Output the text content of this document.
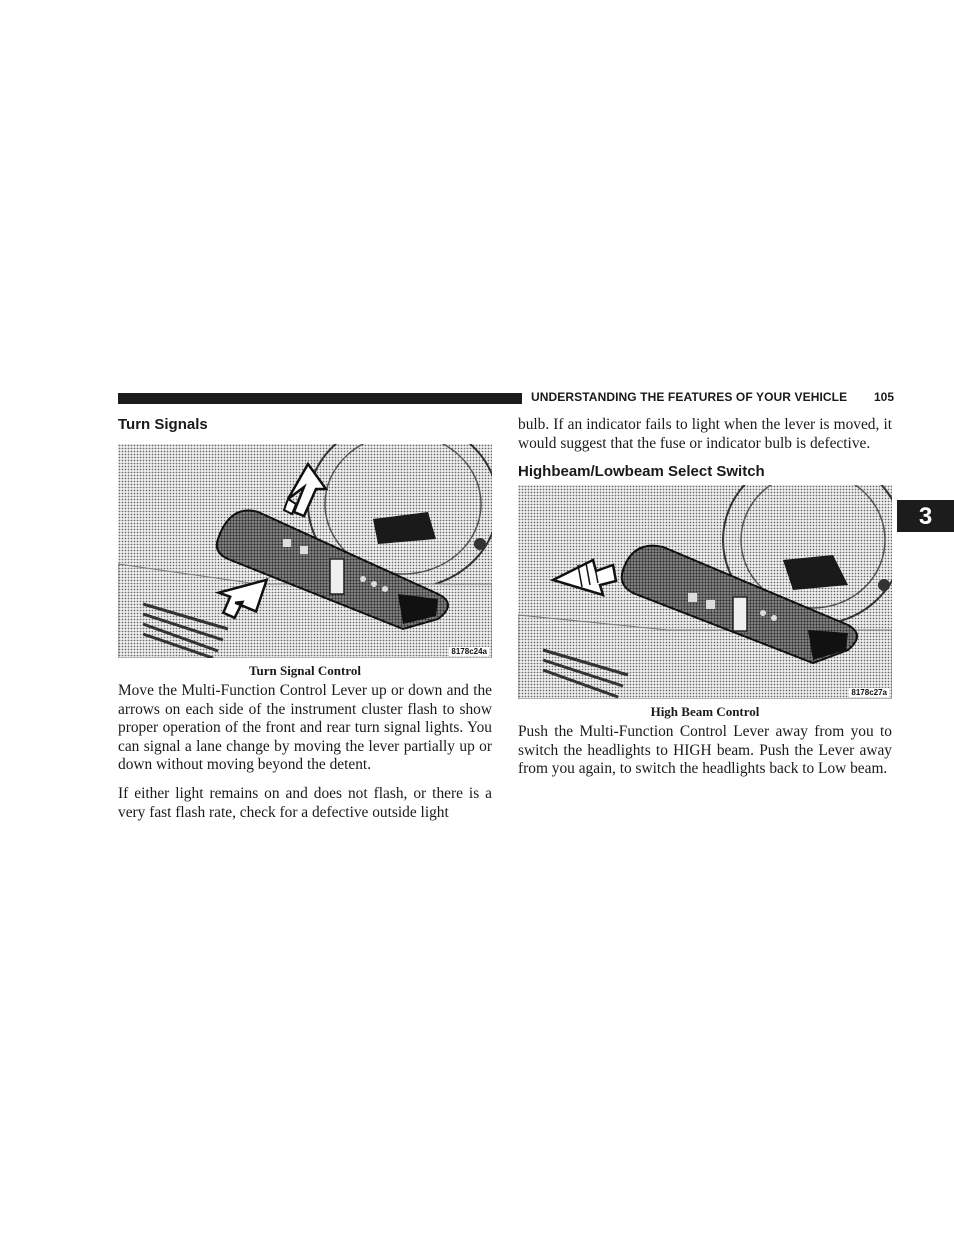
UNDERSTANDING THE FEATURES OF YOUR VEHICLE	105
3
Turn Signals
8178c24a
Turn Signal Control

Move the Multi-Function Control Lever up or down and the arrows on each side of the instrument cluster flash to show proper operation of the front and rear turn signal lights. You can signal a lane change by moving the lever partially up or down without moving beyond the detent.

If either light remains on and does not flash, or there is a very fast flash rate, check for a defective outside light

bulb. If an indicator fails to light when the lever is moved, it would suggest that the fuse or indicator bulb is defective.

Highbeam/Lowbeam Select Switch
8178c27a
High Beam Control

Push the Multi-Function Control Lever away from you to switch the headlights to HIGH beam. Push the Lever away from you again, to switch the headlights back to Low beam.
